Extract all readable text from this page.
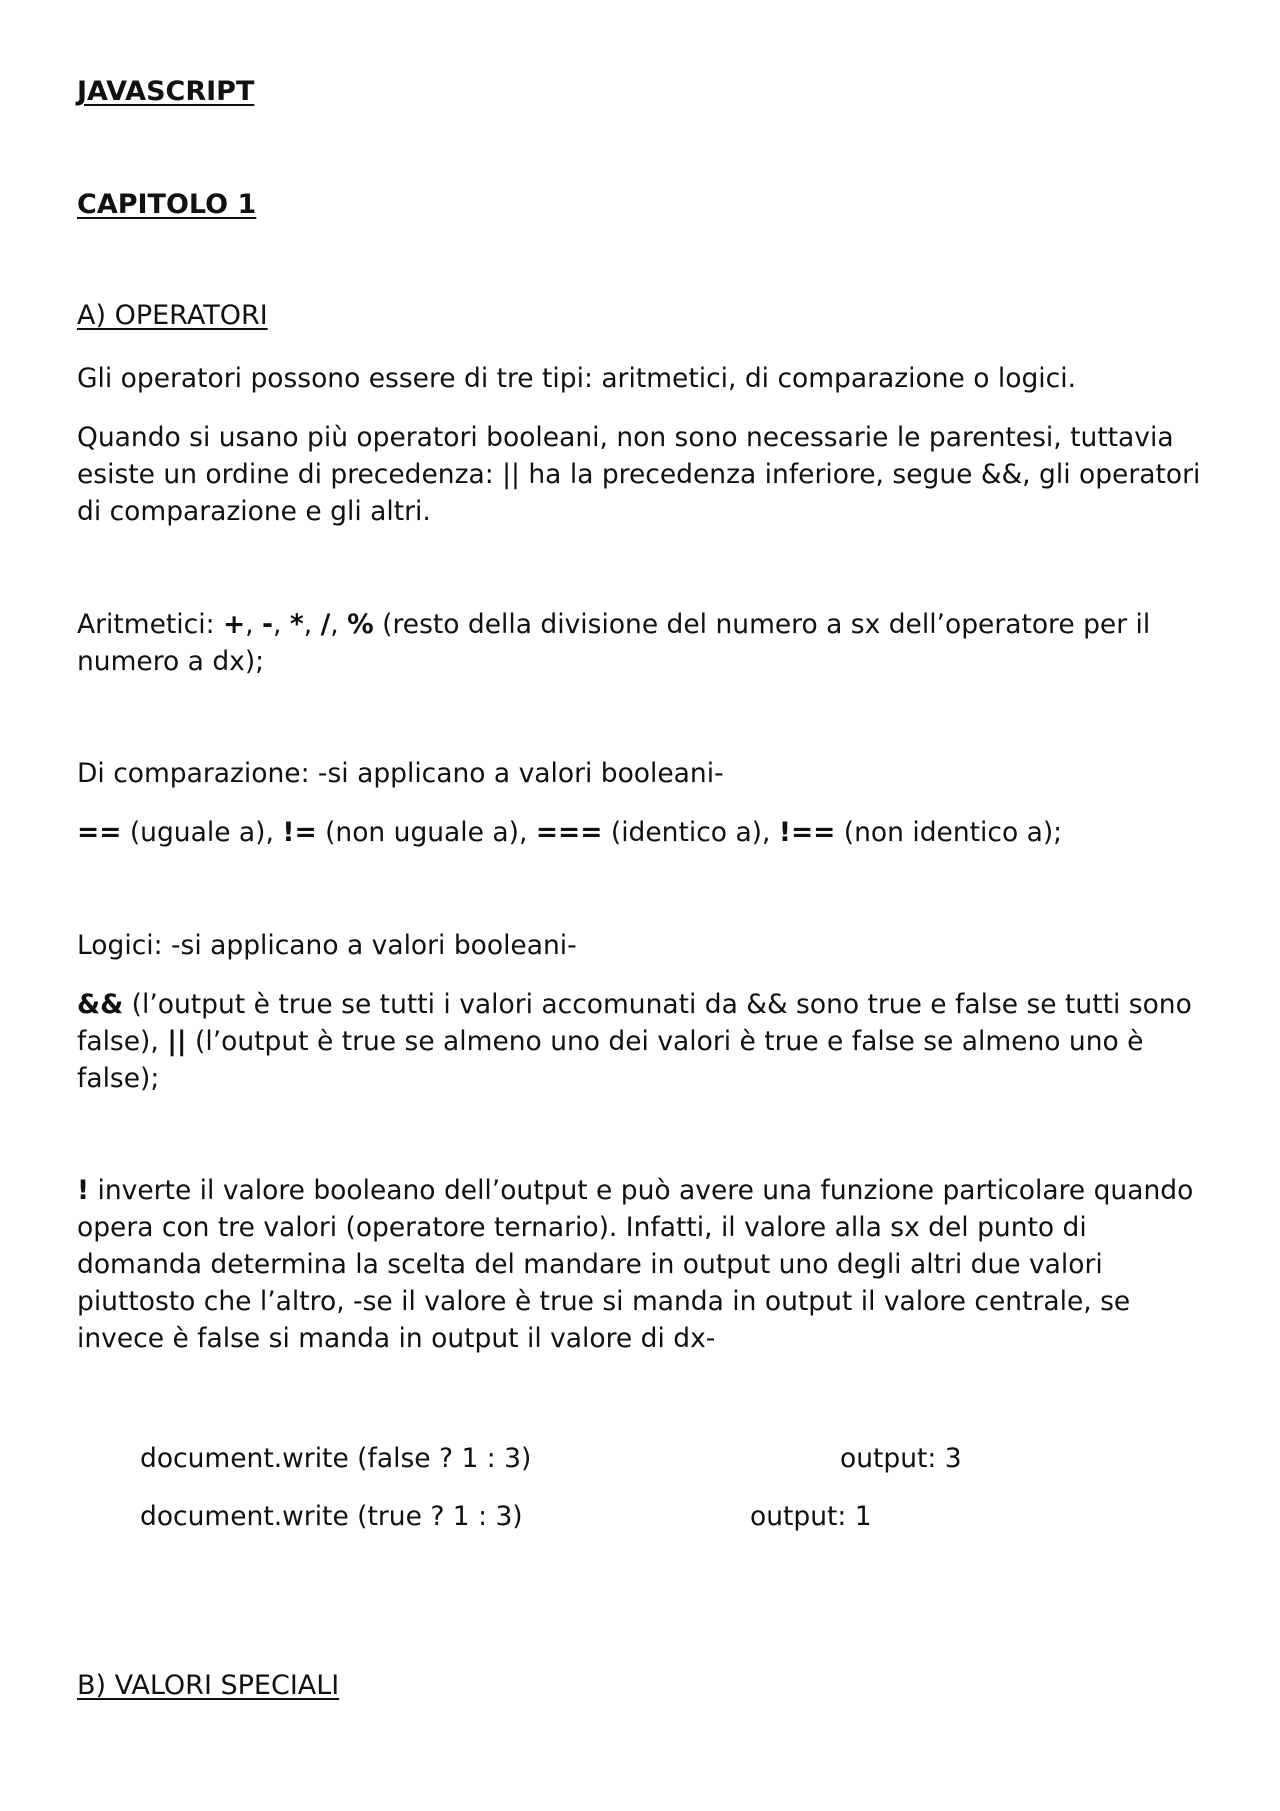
JAVASCRIPT
CAPITOLO 1
A) OPERATORI

Gli operatori possono essere di tre tipi: aritmetici, di comparazione o logici.

Quando si usano più operatori booleani, non sono necessarie le parentesi, tuttavia esiste un ordine di precedenza: || ha la precedenza inferiore, segue &&, gli operatori di comparazione e gli altri.

Aritmetici: +, -, *, /, % (resto della divisione del numero a sx dell’operatore per il numero a dx);

Di comparazione: -si applicano a valori booleani-

== (uguale a), != (non uguale a), === (identico a), !== (non identico a);

Logici: -si applicano a valori booleani-

&& (l’output è true se tutti i valori accomunati da && sono true e false se tutti sono false), || (l’output è true se almeno uno dei valori è true e false se almeno uno è false);

! inverte il valore booleano dell’output e può avere una funzione particolare quando opera con tre valori (operatore ternario). Infatti, il valore alla sx del punto di domanda determina la scelta del mandare in output uno degli altri due valori piuttosto che l’altro, -se il valore è true si manda in output il valore centrale, se invece è false si manda in output il valore di dx-

document.write (false ? 1 : 3)	output: 3

document.write (true ? 1 : 3)	output: 1

B) VALORI SPECIALI
